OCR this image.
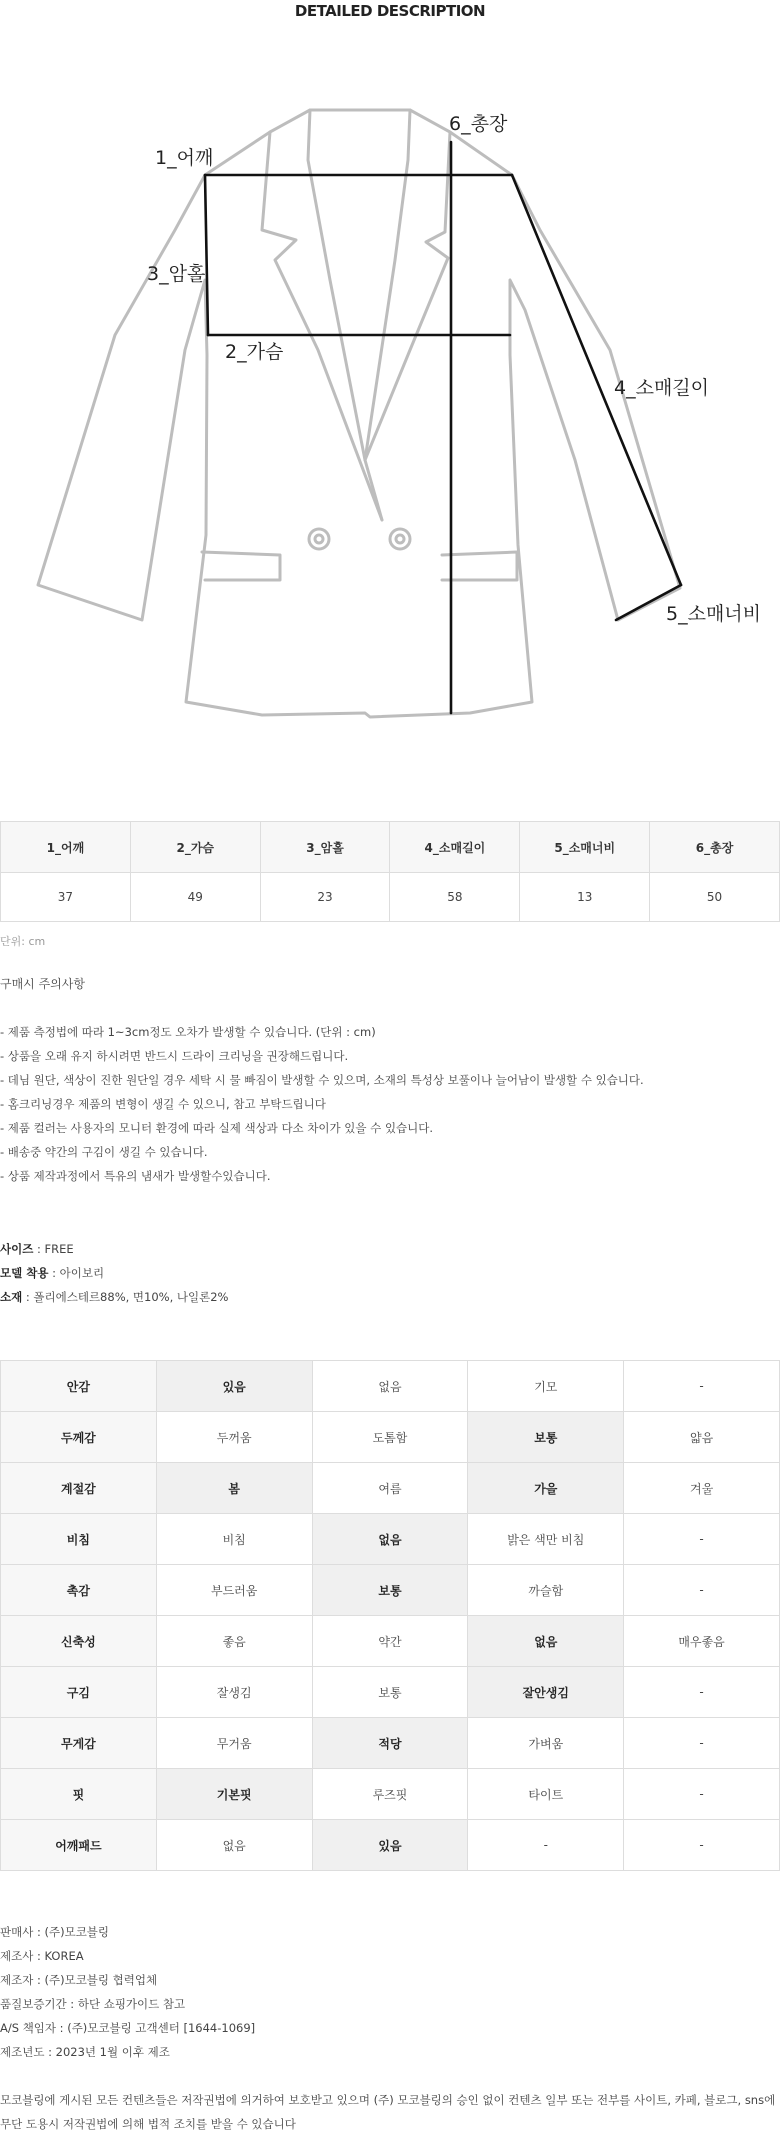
DETAILED DESCRIPTION
1_어깨
2_가슴
3_암홀
4_소매길이
5_소매너비
6_총장
1_어깨	2_가슴	3_암홀	4_소매길이	5_소매너비	6_총장
37	49	23	58	13	50
단위: cm
구매시 주의사항
- 제품 측정법에 따라 1~3cm정도 오차가 발생할 수 있습니다. (단위 : cm)
- 상품을 오래 유지 하시려면 반드시 드라이 크리닝을 권장해드립니다.
- 데님 원단, 색상이 진한 원단일 경우 세탁 시 물 빠짐이 발생할 수 있으며, 소재의 특성상 보풀이나 늘어남이 발생할 수 있습니다.
- 홈크리닝경우 제품의 변형이 생길 수 있으니, 참고 부탁드립니다
- 제품 컬러는 사용자의 모니터 환경에 따라 실제 색상과 다소 차이가 있을 수 있습니다.
- 배송중 약간의 구김이 생길 수 있습니다.
- 상품 제작과정에서 특유의 냄새가 발생할수있습니다.
사이즈 : FREE
모델 착용 : 아이보리
소재 : 폴리에스테르88%, 면10%, 나일론2%
안감	있음	없음	기모	-
두께감	두꺼움	도톰함	보통	얇음
계절감	봄	여름	가을	겨울
비침	비침	없음	밝은 색만 비침	-
촉감	부드러움	보통	까슬함	-
신축성	좋음	약간	없음	매우좋음
구김	잘생김	보통	잘안생김	-
무게감	무거움	적당	가벼움	-
핏	기본핏	루즈핏	타이트	-
어깨패드	없음	있음	-	-
판매사 : (주)모코블링
제조사 : KOREA
제조자 : (주)모코블링 협력업체
품질보증기간 : 하단 쇼핑가이드 참고
A/S 책임자 : (주)모코블링 고객센터 [1644-1069]
제조년도 : 2023년 1월 이후 제조
모코블링에 게시된 모든 컨텐츠들은 저작권법에 의거하여 보호받고 있으며 (주) 모코블링의 승인 없이 컨텐츠 일부 또는 전부를 사이트, 카페, 블로그, sns에 무단 도용시 저작권법에 의해 법적 조치를 받을 수 있습니다
